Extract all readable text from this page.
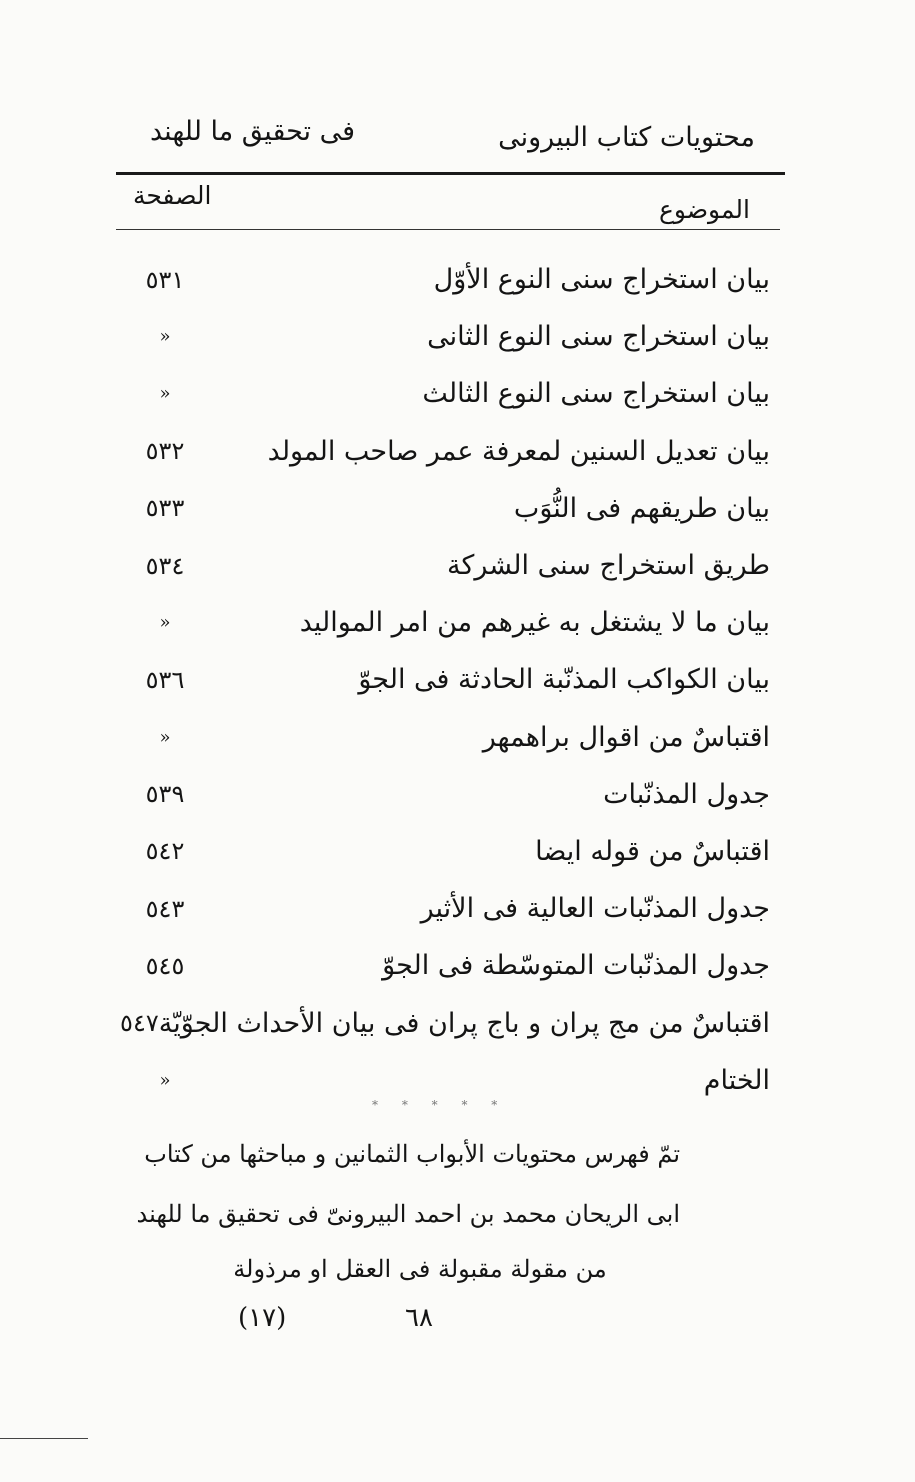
محتویات کتاب البیرونی
فی تحقیق ما للهند
الموضوع
الصفحة
بیان استخراج سنی النوع الأوّل
٥٣١
بیان استخراج سنی النوع الثانی
»
بیان استخراج سنی النوع الثالث
»
بیان تعدیل السنین لمعرفة عمر صاحب المولد
٥٣٢
بیان طریقهم فی النُّوَب
٥٣٣
طریق استخراج سنی الشرکة
٥٣٤
بیان ما لا یشتغل به غیرهم من امر الموالید
»
بیان الکواکب المذنّبة الحادثة فی الجوّ
٥٣٦
اقتباسٌ من اقوال براهمهر
»
جدول المذنّبات
٥٣٩
اقتباسٌ من قوله ایضا
٥٤٢
جدول المذنّبات العالیة فی الأثیر
٥٤٣
جدول المذنّبات المتوسّطة فی الجوّ
٥٤٥
اقتباسٌ من مج پران و باج پران فی بیان الأحداث الجوّیّة
٥٤٧
الختام
»
* * * * *
تمّ فهرس محتویات الأبواب الثمانین و مباحثها من کتاب
ابی الریحان محمد بن احمد البیرونیّ فی تحقیق ما للهند
من مقولة مقبولة فی العقل او مرذولة
(١٧)	٦٨
